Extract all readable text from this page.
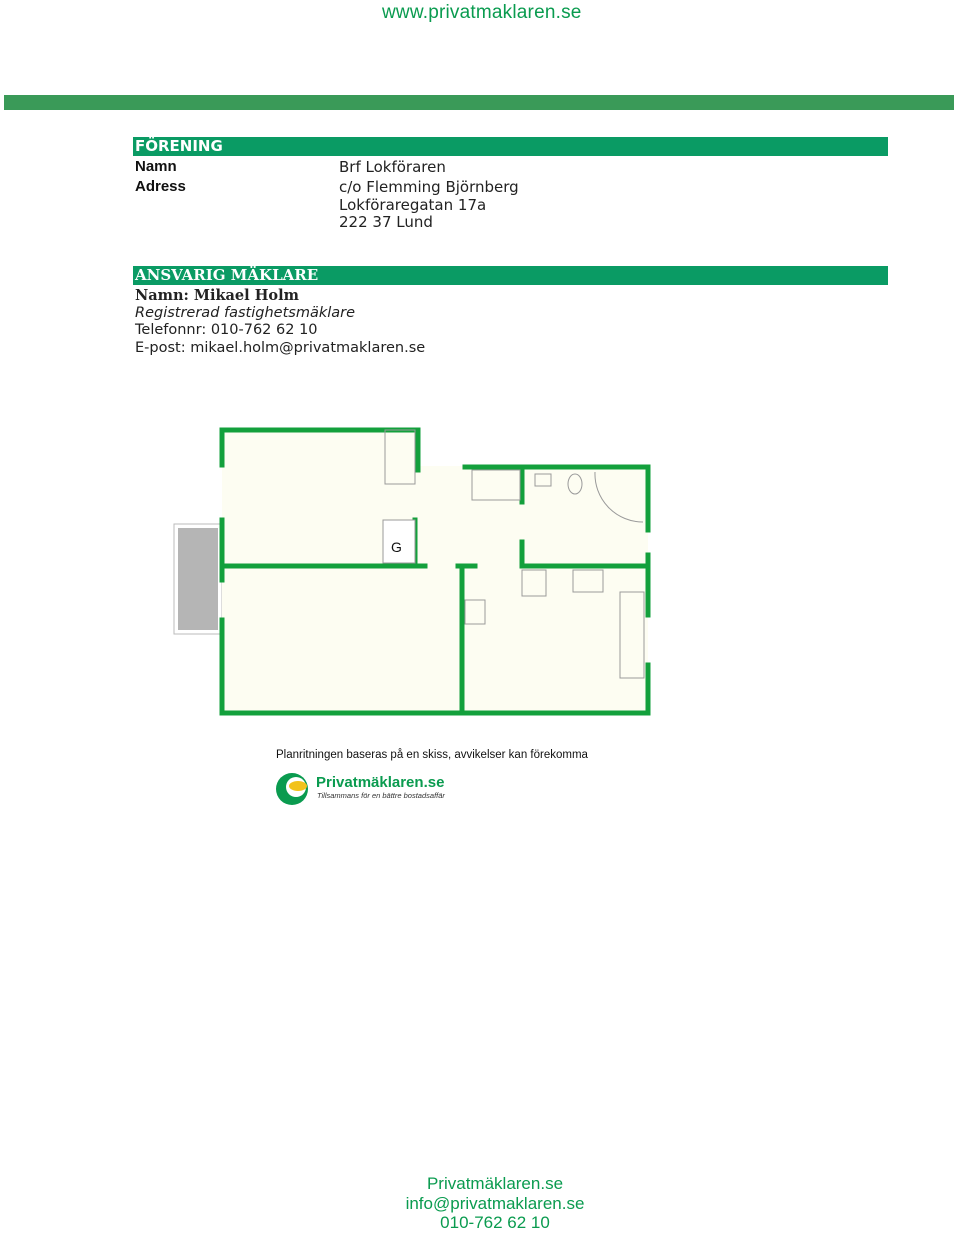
www.privatmaklaren.se
FÖRENING
Namn	Brf Lokföraren
Adress	c/o Flemming Björnberg
Lokföraregatan 17a
222 37 Lund
ANSVARIG MÄKLARE
Namn: Mikael Holm
Registrerad fastighetsmäklare
Telefonnr: 010-762 62 10
E-post: mikael.holm@privatmaklaren.se
G
Planritningen baseras på en skiss, avvikelser kan förekomma
Privatmäklaren.se
Tillsammans för en bättre bostadsaffär
Privatmäklaren.se
info@privatmaklaren.se
010-762 62 10
